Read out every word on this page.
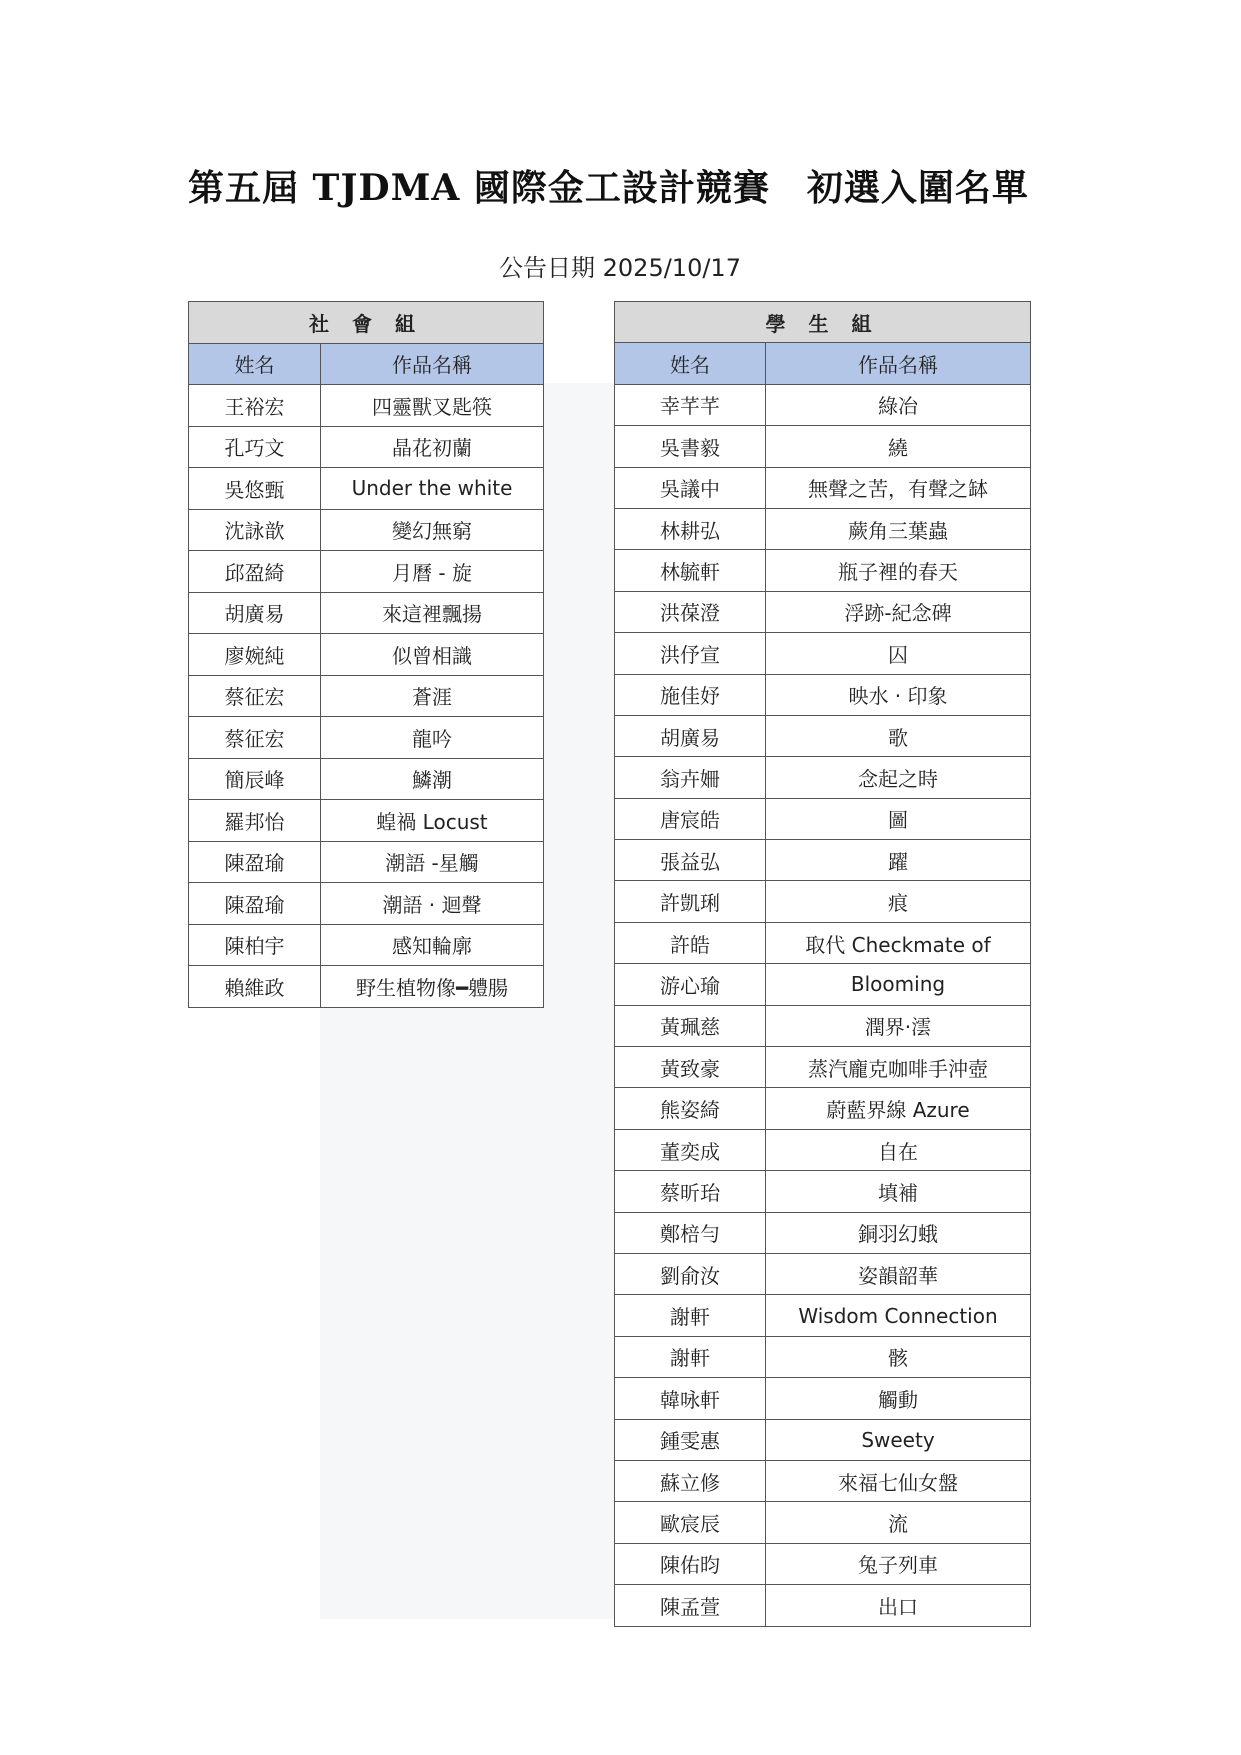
第五屆 TJDMA 國際金工設計競賽　初選入圍名單
公告日期 2025/10/17
社 會 組	
姓名	作品名稱
王裕宏	四靈獸叉匙筷
孔巧文	晶花初蘭
吳悠甄	Under the white
沈詠歆	變幻無窮
邱盈綺	月曆 - 旋
胡廣易	來這裡飄揚
廖婉純	似曾相識
蔡征宏	蒼涯
蔡征宏	龍吟
簡辰峰	鱗潮
羅邦怡	蝗禍 Locust
陳盈瑜	潮語 -星觸
陳盈瑜	潮語 · 迴聲
陳柏宇	感知輪廓
賴維政	野生植物像━軆腸
學 生 組	
姓名	作品名稱
幸芊芊	綠冶
吳書毅	繞
吳議中	無聲之苦，有聲之缽
林耕弘	蕨角三葉蟲
林毓軒	瓶子裡的春天
洪葆澄	浮跡-紀念碑
洪伃宣	囚
施佳妤	映水 · 印象
胡廣易	歌
翁卉姍	念起之時
唐宸皓	圖
張益弘	躍
許凱琍	痕
許皓	取代 Checkmate of
游心瑜	Blooming
黃珮慈	潤界·澐
黃致豪	蒸汽龐克咖啡手沖壺
熊姿綺	蔚藍界線 Azure
董奕成	自在
蔡昕珆	填補
鄭棓勻	銅羽幻蛾
劉俞汝	姿韻韶華
謝軒	Wisdom Connection
謝軒	骸
韓咏軒	觸動
鍾雯惠	Sweety
蘇立修	來福七仙女盤
歐宸辰	流
陳佑昀	兔子列車
陳孟萱	出口
